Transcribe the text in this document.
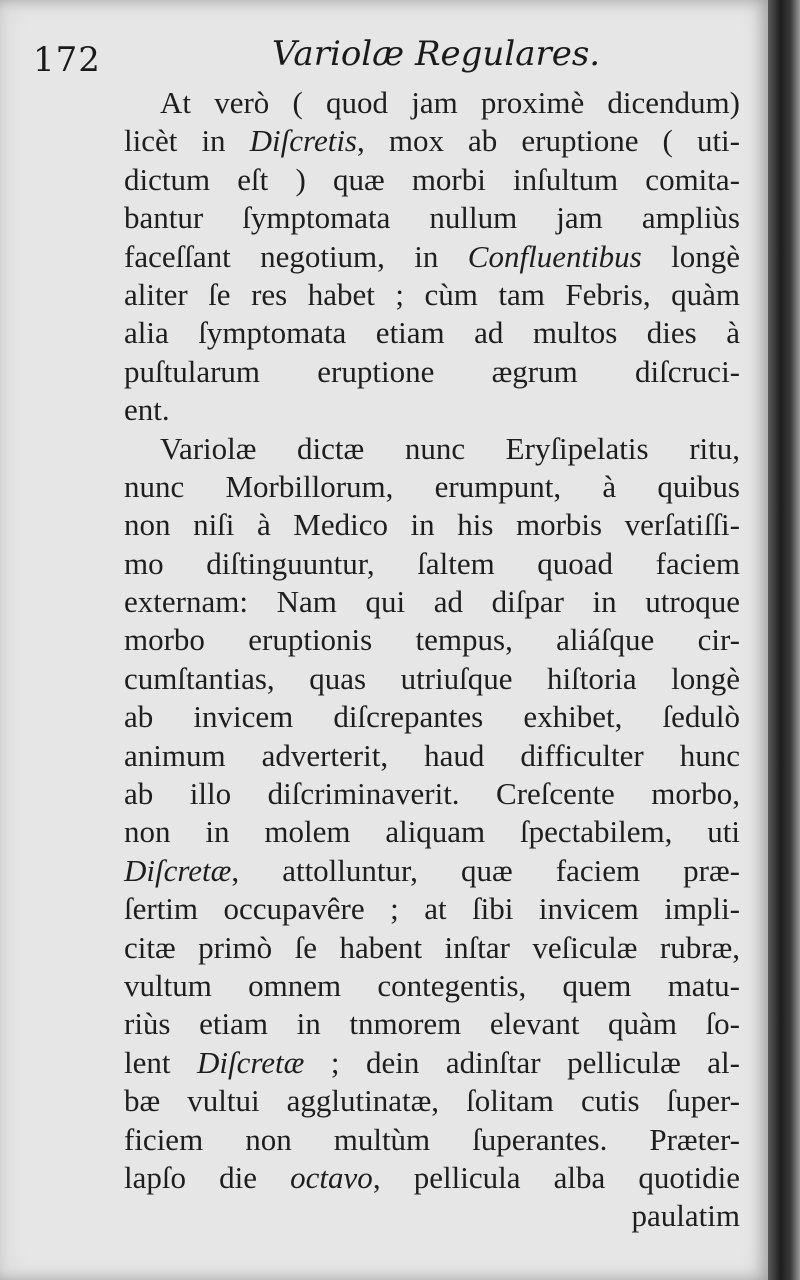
172	Variolæ Regulares.
At verò ( quod jam proximè dicendum)
licèt in Diſcretis, mox ab eruptione ( uti-
dictum eſt ) quæ morbi inſultum comita-
bantur ſymptomata nullum jam ampliùs
faceſſant negotium, in Confluentibus longè
aliter ſe res habet ; cùm tam Febris, quàm
alia ſymptomata etiam ad multos dies à
puſtularum eruptione ægrum diſcruci-
ent.
Variolæ dictæ nunc Eryſipelatis ritu,
nunc Morbillorum, erumpunt, à quibus
non niſi à Medico in his morbis verſatiſſi-
mo diſtinguuntur, ſaltem quoad faciem
externam: Nam qui ad diſpar in utroque
morbo eruptionis tempus, aliáſque cir-
cumſtantias, quas utriuſque hiſtoria longè
ab invicem diſcrepantes exhibet, ſedulò
animum adverterit, haud difficulter hunc
ab illo diſcriminaverit. Creſcente morbo,
non in molem aliquam ſpectabilem, uti
Diſcretæ, attolluntur, quæ faciem præ-
ſertim occupavêre ; at ſibi invicem impli-
citæ primò ſe habent inſtar veſiculæ rubræ,
vultum omnem contegentis, quem matu-
riùs etiam in tnmorem elevant quàm ſo-
lent Diſcretæ ; dein adinſtar pelliculæ al-
bæ vultui agglutinatæ, ſolitam cutis ſuper-
ficiem non multùm ſuperantes. Præter-
lapſo die octavo, pellicula alba quotidie
paulatim
